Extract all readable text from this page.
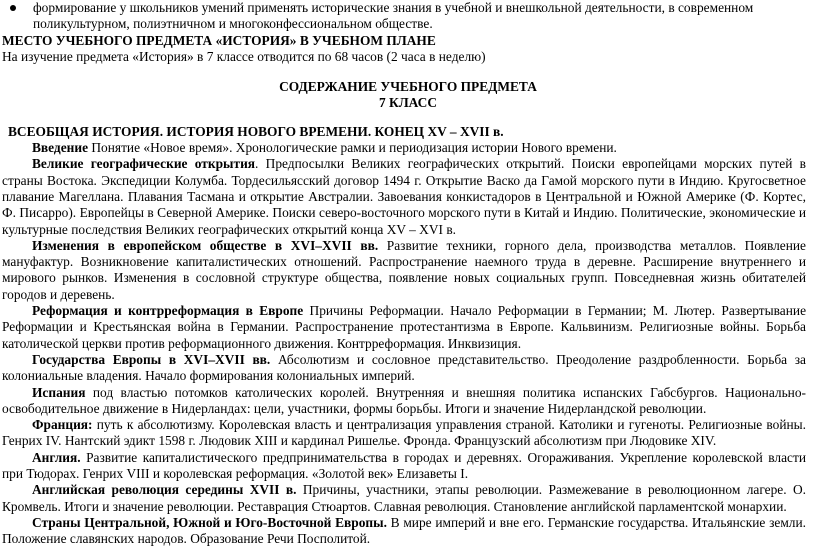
формирование у школьников умений применять исторические знания в учебной и внешкольной деятельности, в современном поликультурном, полиэтничном и многоконфессиональном обществе.
МЕСТО УЧЕБНОГО ПРЕДМЕТА «ИСТОРИЯ» В УЧЕБНОМ ПЛАНЕ
На изучение предмета «История» в 7 классе отводится по 68 часов (2 часа в неделю)
СОДЕРЖАНИЕ УЧЕБНОГО ПРЕДМЕТА
7 КЛАСС
ВСЕОБЩАЯ ИСТОРИЯ. ИСТОРИЯ НОВОГО ВРЕМЕНИ. КОНЕЦ XV – XVII в.

Введение Понятие «Новое время». Хронологические рамки и периодизация истории Нового времени.

Великие географические открытия. Предпосылки Великих географических открытий. Поиски европейцами морских путей в страны Востока. Экспедиции Колумба. Тордесильясский договор 1494 г. Открытие Васко да Гамой морского пути в Индию. Кругосветное плавание Магеллана. Плавания Тасмана и открытие Австралии. Завоевания конкистадоров в Центральной и Южной Америке (Ф. Кортес, Ф. Писарро). Европейцы в Северной Америке. Поиски северо-восточного морского пути в Китай и Индию. Политические, экономические и культурные последствия Великих географических открытий конца XV – XVI в.

Изменения в европейском обществе в XVI–XVII вв. Развитие техники, горного дела, производства металлов. Появление мануфактур. Возникновение капиталистических отношений. Распространение наемного труда в деревне. Расширение внутреннего и мирового рынков. Изменения в сословной структуре общества, появление новых социальных групп. Повседневная жизнь обитателей городов и деревень.

Реформация и контрреформация в Европе Причины Реформации. Начало Реформации в Германии; М. Лютер. Развертывание Реформации и Крестьянская война в Германии. Распространение протестантизма в Европе. Кальвинизм. Религиозные войны. Борьба католической церкви против реформационного движения. Контрреформация. Инквизиция.

Государства Европы в XVI–XVII вв. Абсолютизм и сословное представительство. Преодоление раздробленности. Борьба за колониальные владения. Начало формирования колониальных империй.

Испания под властью потомков католических королей. Внутренняя и внешняя политика испанских Габсбургов. Национально-освободительное движение в Нидерландах: цели, участники, формы борьбы. Итоги и значение Нидерландской революции.

Франция: путь к абсолютизму. Королевская власть и централизация управления страной. Католики и гугеноты. Религиозные войны. Генрих IV. Нантский эдикт 1598 г. Людовик XIII и кардинал Ришелье. Фронда. Французский абсолютизм при Людовике XIV.

Англия. Развитие капиталистического предпринимательства в городах и деревнях. Огораживания. Укрепление королевской власти при Тюдорах. Генрих VIII и королевская реформация. «Золотой век» Елизаветы I.

Английская революция середины XVII в. Причины, участники, этапы революции. Размежевание в революционном лагере. О. Кромвель. Итоги и значение революции. Реставрация Стюартов. Славная революция. Становление английской парламентской монархии.

Страны Центральной, Южной и Юго-Восточной Европы. В мире империй и вне его. Германские государства. Итальянские земли. Положение славянских народов. Образование Речи Посполитой.
